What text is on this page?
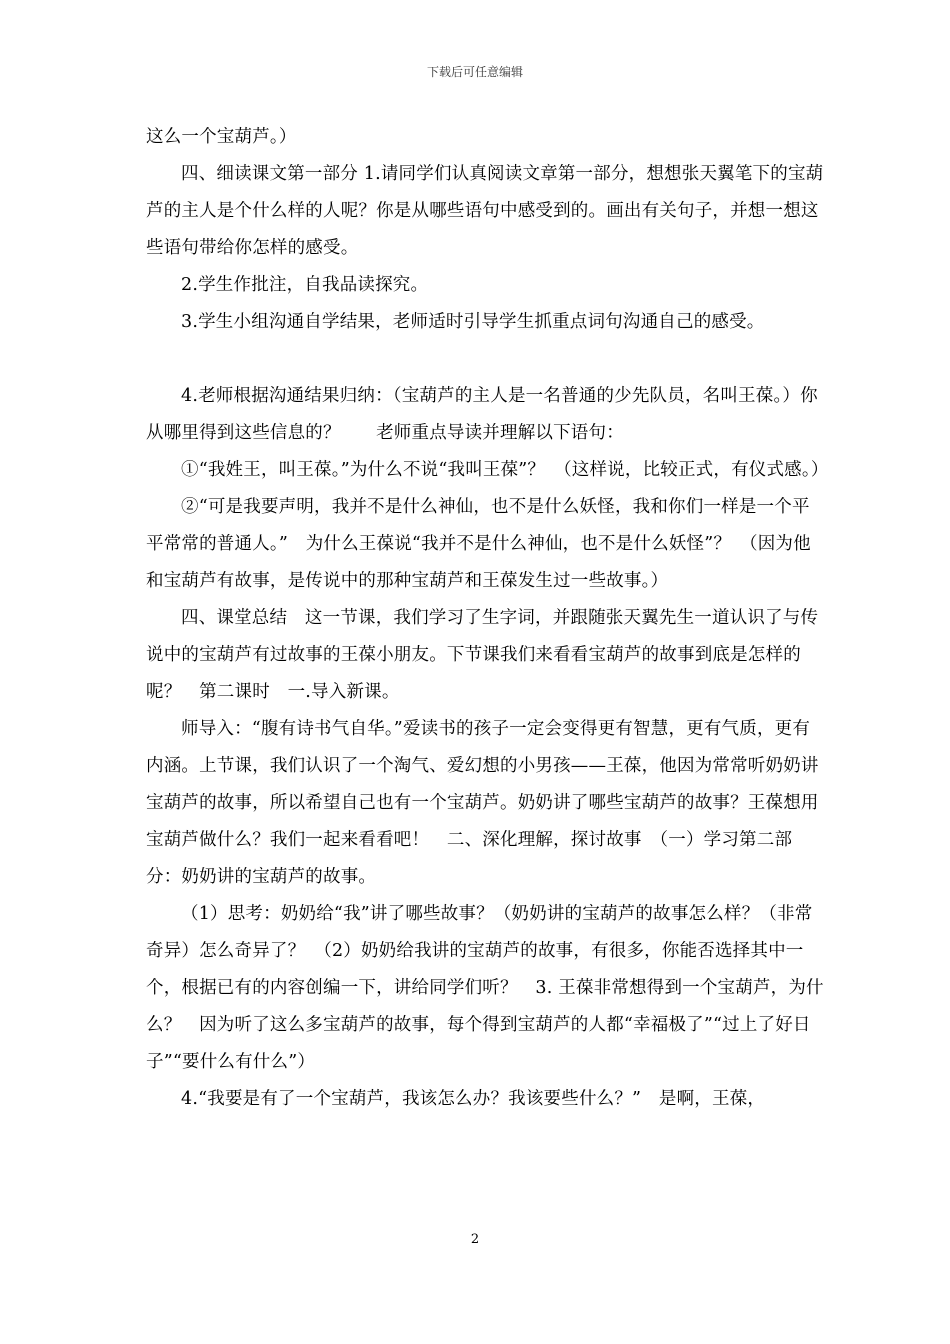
下载后可任意编辑

这么一个宝葫芦。）

四、细读课文第一部分 1.请同学们认真阅读文章第一部分，想想张天翼笔下的宝葫芦的主人是个什么样的人呢？你是从哪些语句中感受到的。画出有关句子，并想一想这些语句带给你怎样的感受。

2.学生作批注，自我品读探究。

3.学生小组沟通自学结果，老师适时引导学生抓重点词句沟通自己的感受。

4.老师根据沟通结果归纳：（宝葫芦的主人是一名普通的少先队员，名叫王葆。）你从哪里得到这些信息的？　　老师重点导读并理解以下语句：

①“我姓王，叫王葆。”为什么不说“我叫王葆”？　（这样说，比较正式，有仪式感。）

②“可是我要声明，我并不是什么神仙，也不是什么妖怪，我和你们一样是一个平平常常的普通人。”　为什么王葆说“我并不是什么神仙，也不是什么妖怪”？　（因为他和宝葫芦有故事，是传说中的那种宝葫芦和王葆发生过一些故事。）

四、课堂总结　这一节课，我们学习了生字词，并跟随张天翼先生一道认识了与传说中的宝葫芦有过故事的王葆小朋友。下节课我们来看看宝葫芦的故事到底是怎样的呢？　第二课时　一.导入新课。

师导入：“腹有诗书气自华。”爱读书的孩子一定会变得更有智慧，更有气质，更有内涵。上节课，我们认识了一个淘气、爱幻想的小男孩——王葆，他因为常常听奶奶讲宝葫芦的故事，所以希望自己也有一个宝葫芦。奶奶讲了哪些宝葫芦的故事？王葆想用宝葫芦做什么？我们一起来看看吧！　二、深化理解，探讨故事　（一）学习第二部分：奶奶讲的宝葫芦的故事。

（1）思考：奶奶给“我”讲了哪些故事？（奶奶讲的宝葫芦的故事怎么样？（非常奇异）怎么奇异了？　（2）奶奶给我讲的宝葫芦的故事，有很多，你能否选择其中一个，根据已有的内容创编一下，讲给同学们听？　3. 王葆非常想得到一个宝葫芦，为什么？　因为听了这么多宝葫芦的故事，每个得到宝葫芦的人都“幸福极了”“过上了好日子”“要什么有什么”）

4.“我要是有了一个宝葫芦，我该怎么办？我该要些什么？”　是啊，王葆，

2
